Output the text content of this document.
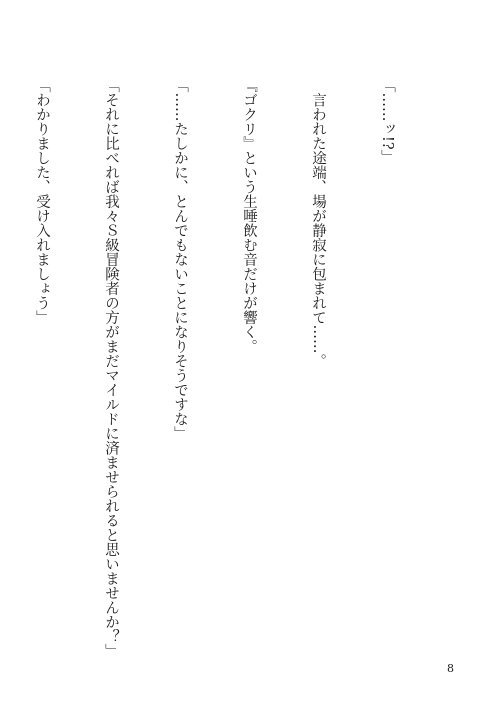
「……ッ!?」

　言われた途端、場が静寂に包まれて……。

『ゴクリ』という生唾飲む音だけが響く。

「……たしかに、とんでもないことになりそうですな」

「それに比べれば我々Ｓ級冒険者の方がまだマイルドに済ませられると思いませんか？」

「わかりました、受け入れましょう」

8
